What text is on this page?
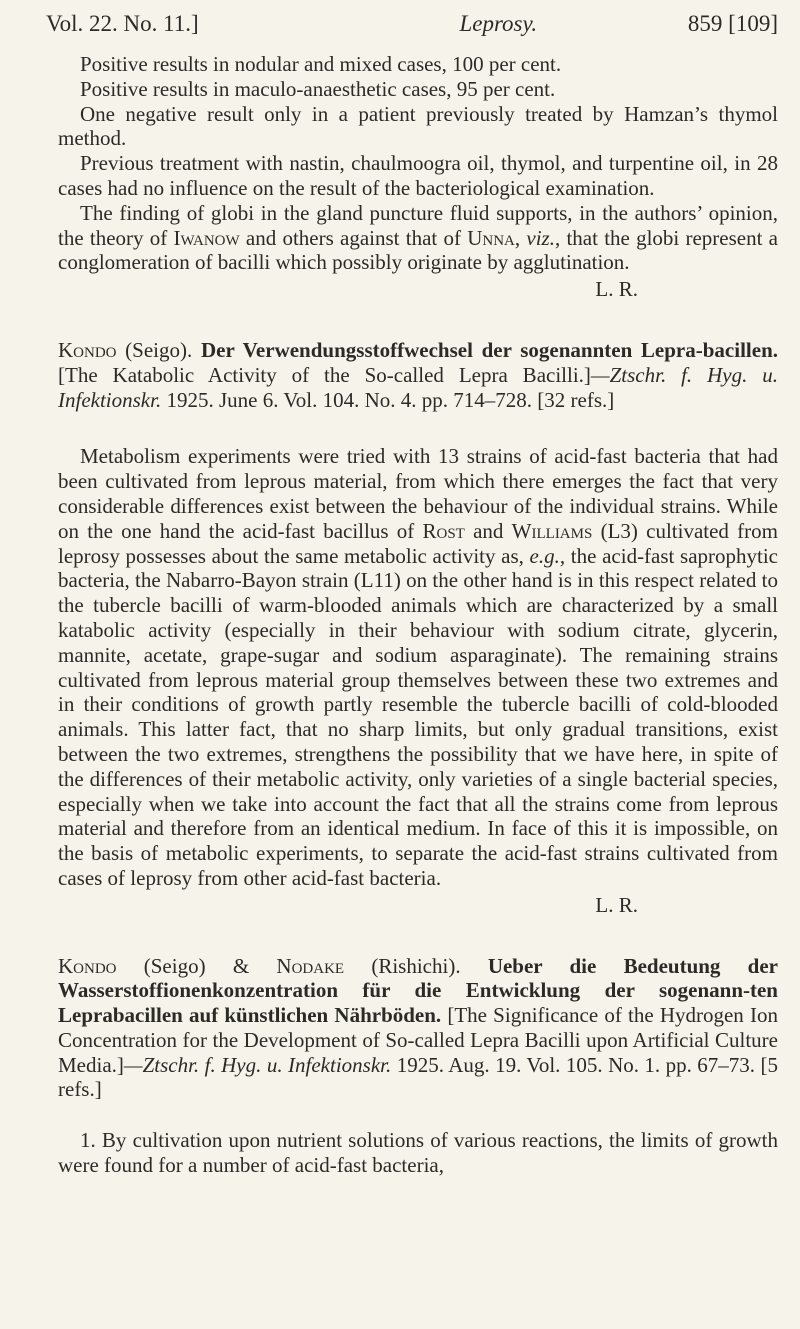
Vol. 22. No. 11.]	Leprosy.	859 [109]

Positive results in nodular and mixed cases, 100 per cent.

Positive results in maculo-anaesthetic cases, 95 per cent.

One negative result only in a patient previously treated by Hamzan’s thymol method.

Previous treatment with nastin, chaulmoogra oil, thymol, and turpentine oil, in 28 cases had no influence on the result of the bacteriological examination.

The finding of globi in the gland puncture fluid supports, in the authors’ opinion, the theory of Iwanow and others against that of Unna, viz., that the globi represent a conglomeration of bacilli which possibly originate by agglutination.

L. R.

Kondo (Seigo). Der Verwendungsstoffwechsel der sogenannten Lepra-bacillen. [The Katabolic Activity of the So-called Lepra Bacilli.]—Ztschr. f. Hyg. u. Infektionskr. 1925. June 6. Vol. 104. No. 4. pp. 714–728. [32 refs.]

Metabolism experiments were tried with 13 strains of acid-fast bacteria that had been cultivated from leprous material, from which there emerges the fact that very considerable differences exist between the behaviour of the individual strains. While on the one hand the acid-fast bacillus of Rost and Williams (L3) cultivated from leprosy possesses about the same metabolic activity as, e.g., the acid-fast saprophytic bacteria, the Nabarro-Bayon strain (L11) on the other hand is in this respect related to the tubercle bacilli of warm-blooded animals which are characterized by a small katabolic activity (especially in their behaviour with sodium citrate, glycerin, mannite, acetate, grape-sugar and sodium asparaginate). The remaining strains cultivated from leprous material group themselves between these two extremes and in their conditions of growth partly resemble the tubercle bacilli of cold-blooded animals. This latter fact, that no sharp limits, but only gradual transitions, exist between the two extremes, strengthens the possibility that we have here, in spite of the differences of their metabolic activity, only varieties of a single bacterial species, especially when we take into account the fact that all the strains come from leprous material and therefore from an identical medium. In face of this it is impossible, on the basis of metabolic experiments, to separate the acid-fast strains cultivated from cases of leprosy from other acid-fast bacteria.

L. R.

Kondo (Seigo) & Nodake (Rishichi). Ueber die Bedeutung der Wasserstoffionenkonzentration für die Entwicklung der sogenann-ten Leprabacillen auf künstlichen Nährböden. [The Significance of the Hydrogen Ion Concentration for the Development of So-called Lepra Bacilli upon Artificial Culture Media.]—Ztschr. f. Hyg. u. Infektionskr. 1925. Aug. 19. Vol. 105. No. 1. pp. 67–73. [5 refs.]

1. By cultivation upon nutrient solutions of various reactions, the limits of growth were found for a number of acid-fast bacteria,
